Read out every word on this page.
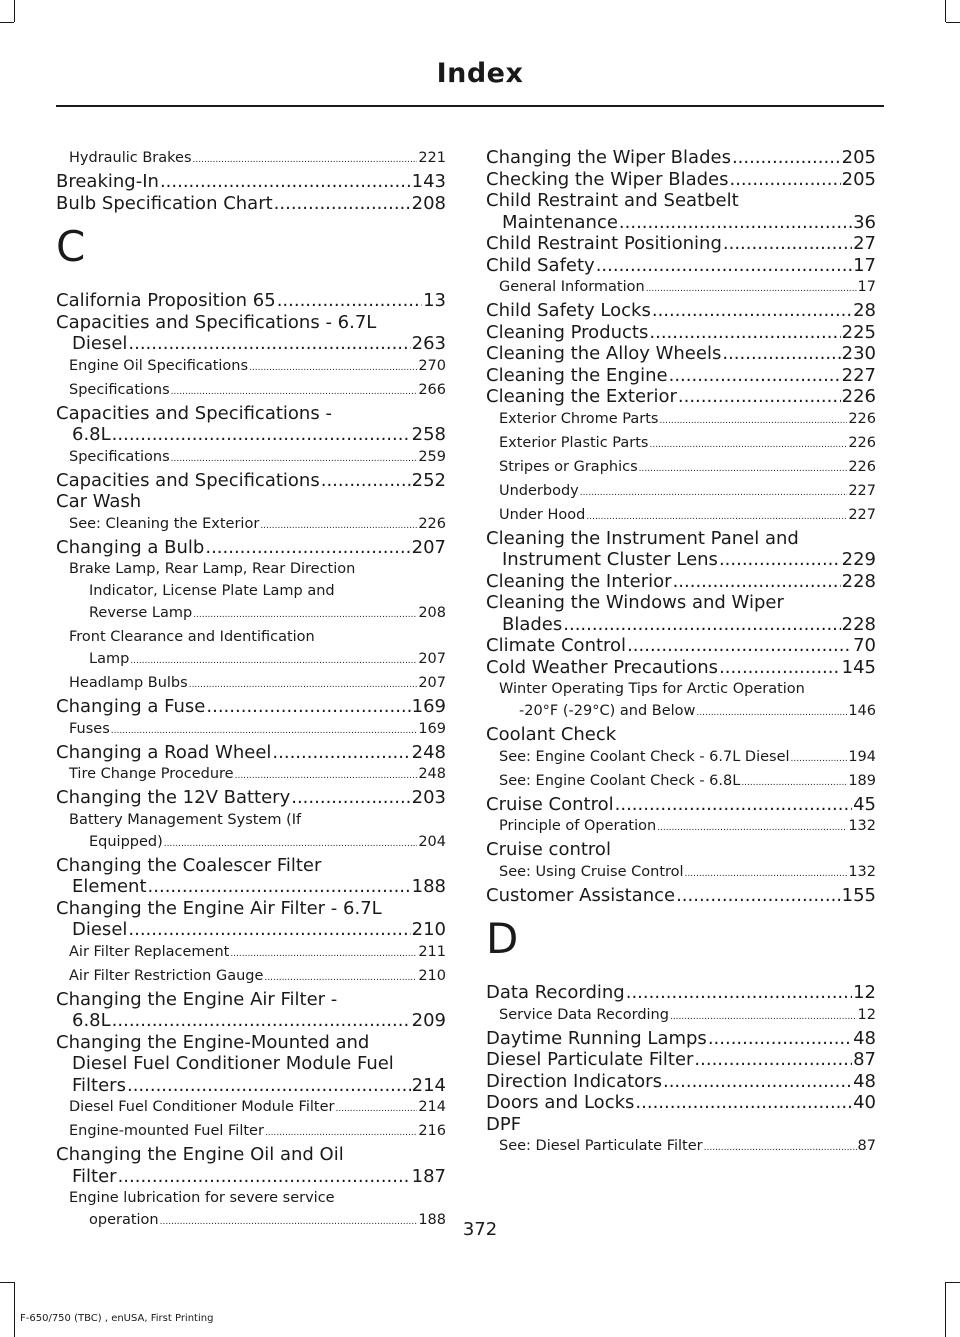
Index
Hydraulic Brakes .....	221
Breaking-In .....	143
Bulb Specification Chart .....	208
C
California Proposition 65 .....	13
Capacities and Specifications - 6.7L
Diesel .....	263
Engine Oil Specifications .....	270
Specifications .....	266
Capacities and Specifications -
6.8L .....	258
Specifications .....	259
Capacities and Specifications .....	252
Car Wash
See: Cleaning the Exterior .....	226
Changing a Bulb .....	207
Brake Lamp, Rear Lamp, Rear Direction
Indicator, License Plate Lamp and
Reverse Lamp .....	208
Front Clearance and Identification
Lamp .....	207
Headlamp Bulbs .....	207
Changing a Fuse .....	169
Fuses .....	169
Changing a Road Wheel .....	248
Tire Change Procedure .....	248
Changing the 12V Battery .....	203
Battery Management System (If
Equipped) .....	204
Changing the Coalescer Filter
Element .....	188
Changing the Engine Air Filter - 6.7L
Diesel .....	210
Air Filter Replacement .....	211
Air Filter Restriction Gauge .....	210
Changing the Engine Air Filter -
6.8L .....	209
Changing the Engine-Mounted and
Diesel Fuel Conditioner Module Fuel
Filters .....	214
Diesel Fuel Conditioner Module Filter .....	214
Engine-mounted Fuel Filter .....	216
Changing the Engine Oil and Oil
Filter .....	187
Engine lubrication for severe service
operation .....	188
Changing the Wiper Blades .....	205
Checking the Wiper Blades .....	205
Child Restraint and Seatbelt
Maintenance .....	36
Child Restraint Positioning .....	27
Child Safety .....	17
General Information .....	17
Child Safety Locks .....	28
Cleaning Products .....	225
Cleaning the Alloy Wheels .....	230
Cleaning the Engine .....	227
Cleaning the Exterior .....	226
Exterior Chrome Parts .....	226
Exterior Plastic Parts .....	226
Stripes or Graphics .....	226
Underbody .....	227
Under Hood .....	227
Cleaning the Instrument Panel and
Instrument Cluster Lens .....	229
Cleaning the Interior .....	228
Cleaning the Windows and Wiper
Blades .....	228
Climate Control .....	70
Cold Weather Precautions .....	145
Winter Operating Tips for Arctic Operation
-20°F (-29°C) and Below .....	146
Coolant Check
See: Engine Coolant Check - 6.7L Diesel .....	194
See: Engine Coolant Check - 6.8L .....	189
Cruise Control .....	45
Principle of Operation .....	132
Cruise control
See: Using Cruise Control .....	132
Customer Assistance .....	155
D
Data Recording .....	12
Service Data Recording .....	12
Daytime Running Lamps .....	48
Diesel Particulate Filter .....	87
Direction Indicators .....	48
Doors and Locks .....	40
DPF
See: Diesel Particulate Filter .....	87
372
F-650/750 (TBC) , enUSA, First Printing
